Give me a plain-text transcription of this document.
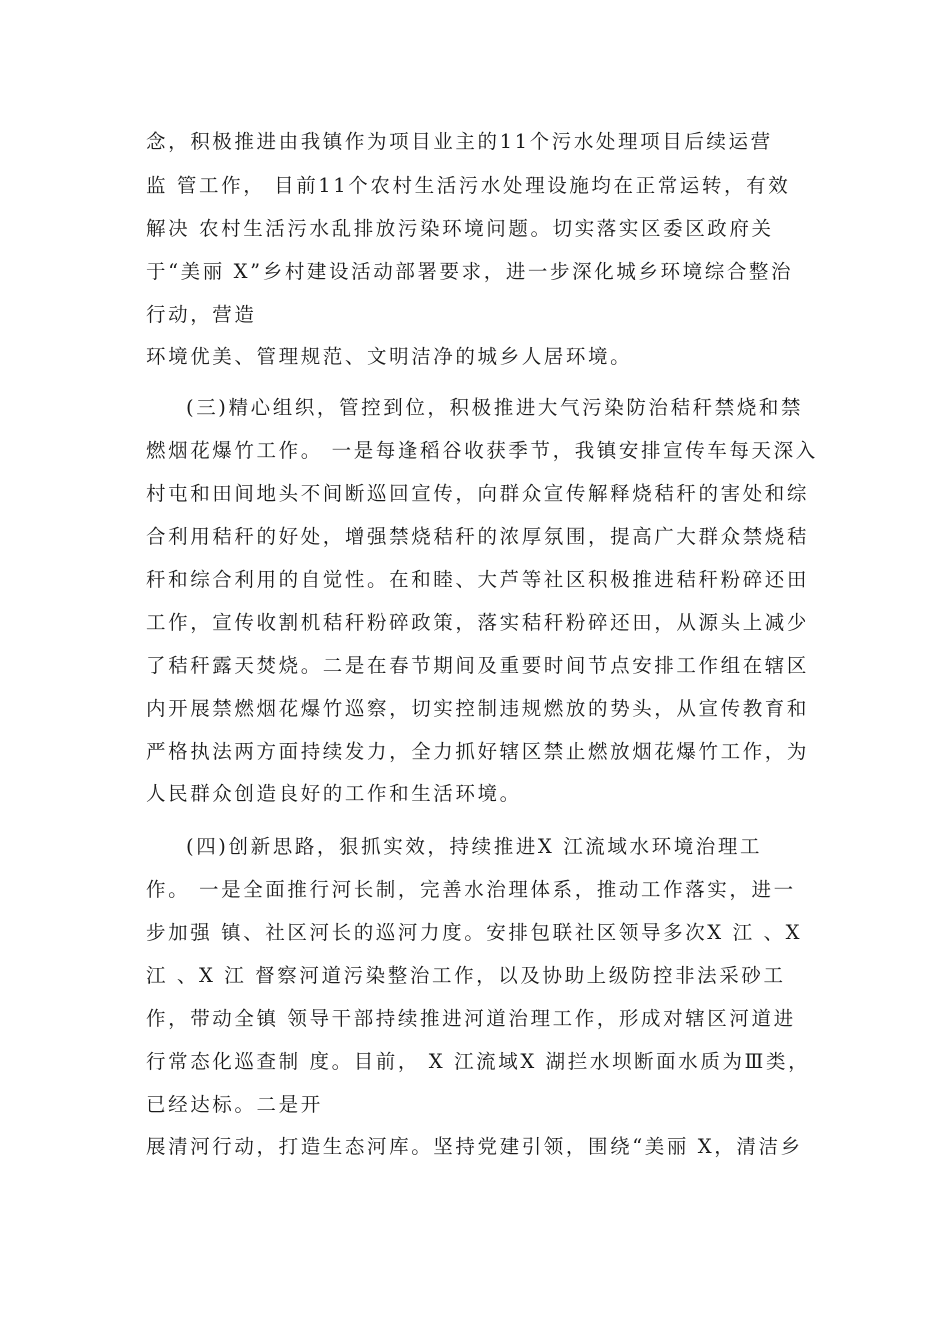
念，积极推进由我镇作为项目业主的11个污水处理项目后续运营
监 管工作， 目前11个农村生活污水处理设施均在正常运转，有效
解决 农村生活污水乱排放污染环境问题。切实落实区委区政府关
于“美丽 X”乡村建设活动部署要求，进一步深化城乡环境综合整治
行动，营造
环境优美、管理规范、文明洁净的城乡人居环境。
(三)精心组织，管控到位，积极推进大气污染防治秸秆禁烧和禁
燃烟花爆竹工作。 一是每逢稻谷收获季节，我镇安排宣传车每天深入
村屯和田间地头不间断巡回宣传，向群众宣传解释烧秸秆的害处和综
合利用秸秆的好处，增强禁烧秸秆的浓厚氛围，提高广大群众禁烧秸
秆和综合利用的自觉性。在和睦、大芦等社区积极推进秸秆粉碎还田
工作，宣传收割机秸秆粉碎政策，落实秸秆粉碎还田，从源头上减少
了秸秆露天焚烧。二是在春节期间及重要时间节点安排工作组在辖区
内开展禁燃烟花爆竹巡察，切实控制违规燃放的势头，从宣传教育和
严格执法两方面持续发力，全力抓好辖区禁止燃放烟花爆竹工作，为
人民群众创造良好的工作和生活环境。
(四)创新思路，狠抓实效，持续推进X 江流域水环境治理工
作。 一是全面推行河长制，完善水治理体系，推动工作落实，进一
步加强 镇、社区河长的巡河力度。安排包联社区领导多次X 江 、X
江 、X 江 督察河道污染整治工作，以及协助上级防控非法采砂工
作，带动全镇 领导干部持续推进河道治理工作，形成对辖区河道进
行常态化巡查制 度。目前， X 江流域X 湖拦水坝断面水质为Ⅲ类，
已经达标。二是开
展清河行动，打造生态河库。坚持党建引领，围绕“美丽 X，清洁乡
